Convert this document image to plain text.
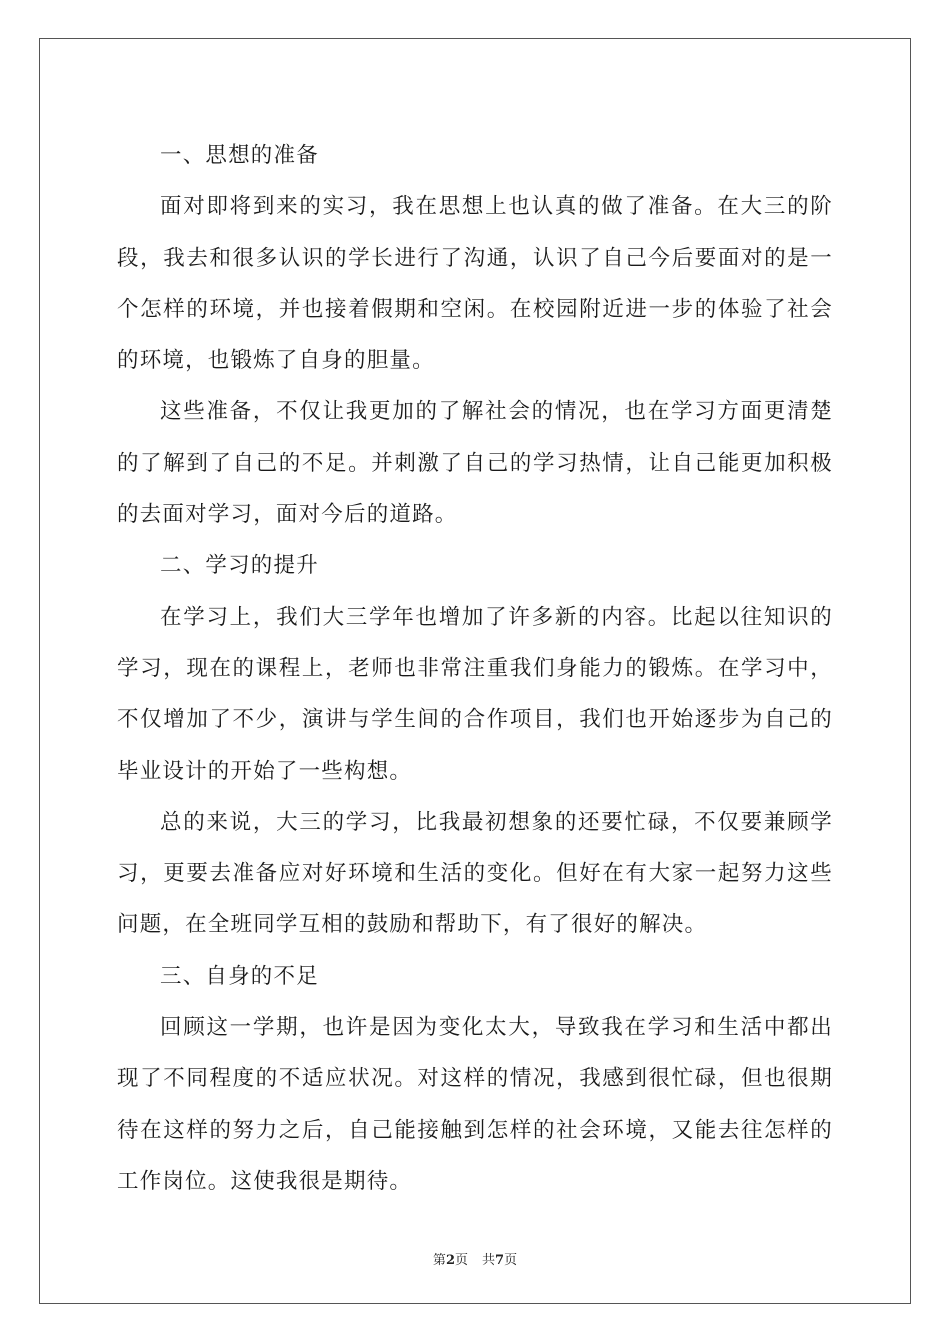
一、思想的准备

面对即将到来的实习，我在思想上也认真的做了准备。在大三的阶段，我去和很多认识的学长进行了沟通，认识了自己今后要面对的是一个怎样的环境，并也接着假期和空闲。在校园附近进一步的体验了社会的环境，也锻炼了自身的胆量。

这些准备，不仅让我更加的了解社会的情况，也在学习方面更清楚的了解到了自己的不足。并刺激了自己的学习热情，让自己能更加积极的去面对学习，面对今后的道路。

二、学习的提升

在学习上，我们大三学年也增加了许多新的内容。比起以往知识的学习，现在的课程上，老师也非常注重我们身能力的锻炼。在学习中，不仅增加了不少，演讲与学生间的合作项目，我们也开始逐步为自己的毕业设计的开始了一些构想。

总的来说，大三的学习，比我最初想象的还要忙碌，不仅要兼顾学习，更要去准备应对好环境和生活的变化。但好在有大家一起努力这些问题，在全班同学互相的鼓励和帮助下，有了很好的解决。

三、自身的不足

回顾这一学期，也许是因为变化太大，导致我在学习和生活中都出现了不同程度的不适应状况。对这样的情况，我感到很忙碌，但也很期待在这样的努力之后，自己能接触到怎样的社会环境，又能去往怎样的工作岗位。这使我很是期待。

第2页 共7页
